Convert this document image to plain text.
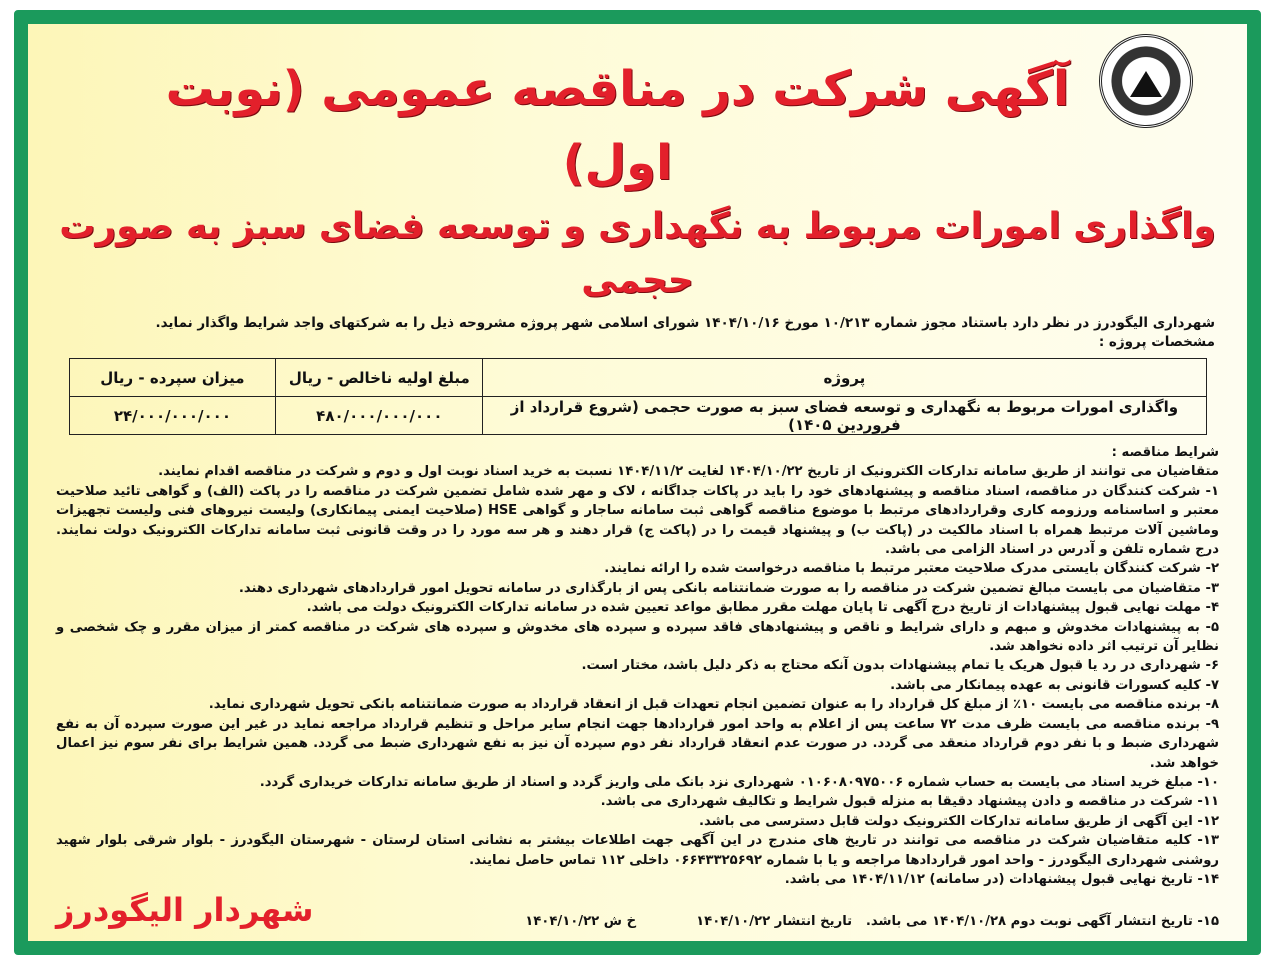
آگهی شرکت در مناقصه عمومی (نوبت اول)
واگذاری امورات مربوط به نگهداری و توسعه فضای سبز به صورت حجمی
شهرداری الیگودرز در نظر دارد باستناد مجوز شماره ۱۰/۲۱۳ مورخ ۱۴۰۴/۱۰/۱۶ شورای اسلامی شهر پروژه مشروحه ذیل را به شرکتهای واجد شرایط واگذار نماید.
مشخصات پروژه :
پروژه	مبلغ اولیه ناخالص - ریال	میزان سپرده - ریال
واگذاری امورات مربوط به نگهداری و توسعه فضای سبز به صورت حجمی (شروع قرارداد از فروردین ۱۴۰۵)	۴۸۰/۰۰۰/۰۰۰/۰۰۰	۲۴/۰۰۰/۰۰۰/۰۰۰

شرایط مناقصه :

متقاضیان می توانند از طریق سامانه تدارکات الکترونیک از تاریخ ۱۴۰۴/۱۰/۲۲ لغایت ۱۴۰۴/۱۱/۲ نسبت به خرید اسناد نوبت اول و دوم و شرکت در مناقصه اقدام نمایند.

۱- شرکت کنندگان در مناقصه، اسناد مناقصه و پیشنهادهای خود را باید در پاکات جداگانه ، لاک و مهر شده شامل تضمین شرکت در مناقصه را در پاکت (الف) و گواهی تائید صلاحیت معتبر و اساسنامه ورزومه کاری وقراردادهای مرتبط با موضوع مناقصه گواهی ثبت سامانه ساجار و گواهی HSE (صلاحیت ایمنی پیمانکاری) ولیست نیروهای فنی ولیست تجهیزات وماشین آلات مرتبط همراه با اسناد مالکیت در (پاکت ب) و پیشنهاد قیمت را در (پاکت ج) قرار دهند و هر سه مورد را در وقت قانونی ثبت سامانه تدارکات الکترونیک دولت نمایند. درج شماره تلفن و آدرس در اسناد الزامی می باشد.

۲- شرکت کنندگان بایستی مدرک صلاحیت معتبر مرتبط با مناقصه درخواست شده را ارائه نمایند.

۳- متقاضیان می بایست مبالغ تضمین شرکت در مناقصه را به صورت ضمانتنامه بانکی پس از بارگذاری در سامانه تحویل امور قراردادهای شهرداری دهند.

۴- مهلت نهایی قبول پیشنهادات از تاریخ درج آگهی تا پایان مهلت مقرر مطابق مواعد تعیین شده در سامانه تدارکات الکترونیک دولت می باشد.

۵- به پیشنهادات مخدوش و مبهم و دارای شرایط و ناقص و پیشنهادهای فاقد سپرده و سپرده های مخدوش و سپرده های شرکت در مناقصه کمتر از میزان مقرر و چک شخصی و نظایر آن ترتیب اثر داده نخواهد شد.

۶- شهرداری در رد یا قبول هریک یا تمام پیشنهادات بدون آنکه محتاج به ذکر دلیل باشد، مختار است.

۷- کلیه کسورات قانونی به عهده پیمانکار می باشد.

۸- برنده مناقصه می بایست ۱۰٪ از مبلغ کل قرارداد را به عنوان تضمین انجام تعهدات قبل از انعقاد قرارداد به صورت ضمانتنامه بانکی تحویل شهرداری نماید.

۹- برنده مناقصه می بایست ظرف مدت ۷۲ ساعت پس از اعلام به واحد امور قراردادها جهت انجام سایر مراحل و تنظیم قرارداد مراجعه نماید در غیر این صورت سپرده آن به نفع شهرداری ضبط و با نفر دوم قرارداد منعقد می گردد. در صورت عدم انعقاد قرارداد نفر دوم سپرده آن نیز به نفع شهرداری ضبط می گردد. همین شرایط برای نفر سوم نیز اعمال خواهد شد.

۱۰- مبلغ خرید اسناد می بایست به حساب شماره ۰۱۰۶۰۸۰۹۷۵۰۰۶ شهرداری نزد بانک ملی واریز گردد و اسناد از طریق سامانه تدارکات خریداری گردد.

۱۱- شرکت در مناقصه و دادن پیشنهاد دقیقا به منزله قبول شرایط و تکالیف شهرداری می باشد.

۱۲- این آگهی از طریق سامانه تدارکات الکترونیک دولت قابل دسترسی می باشد.

۱۳- کلیه متقاضیان شرکت در مناقصه می توانند در تاریخ های مندرج در این آگهی جهت اطلاعات بیشتر به نشانی استان لرستان - شهرستان الیگودرز - بلوار شرقی بلوار شهید روشنی شهرداری الیگودرز - واحد امور قراردادها مراجعه و یا با شماره ۰۶۶۴۳۳۲۵۶۹۲ داخلی ۱۱۲ تماس حاصل نمایند.

۱۴- تاریخ نهایی قبول پیشنهادات (در سامانه) ۱۴۰۴/۱۱/۱۲ می باشد.

۱۵- تاریخ انتشار آگهی نوبت دوم ۱۴۰۴/۱۰/۲۸ می باشد.   تاریخ انتشار ۱۴۰۴/۱۰/۲۲
خ ش ۱۴۰۴/۱۰/۲۲
شهردار الیگودرز
